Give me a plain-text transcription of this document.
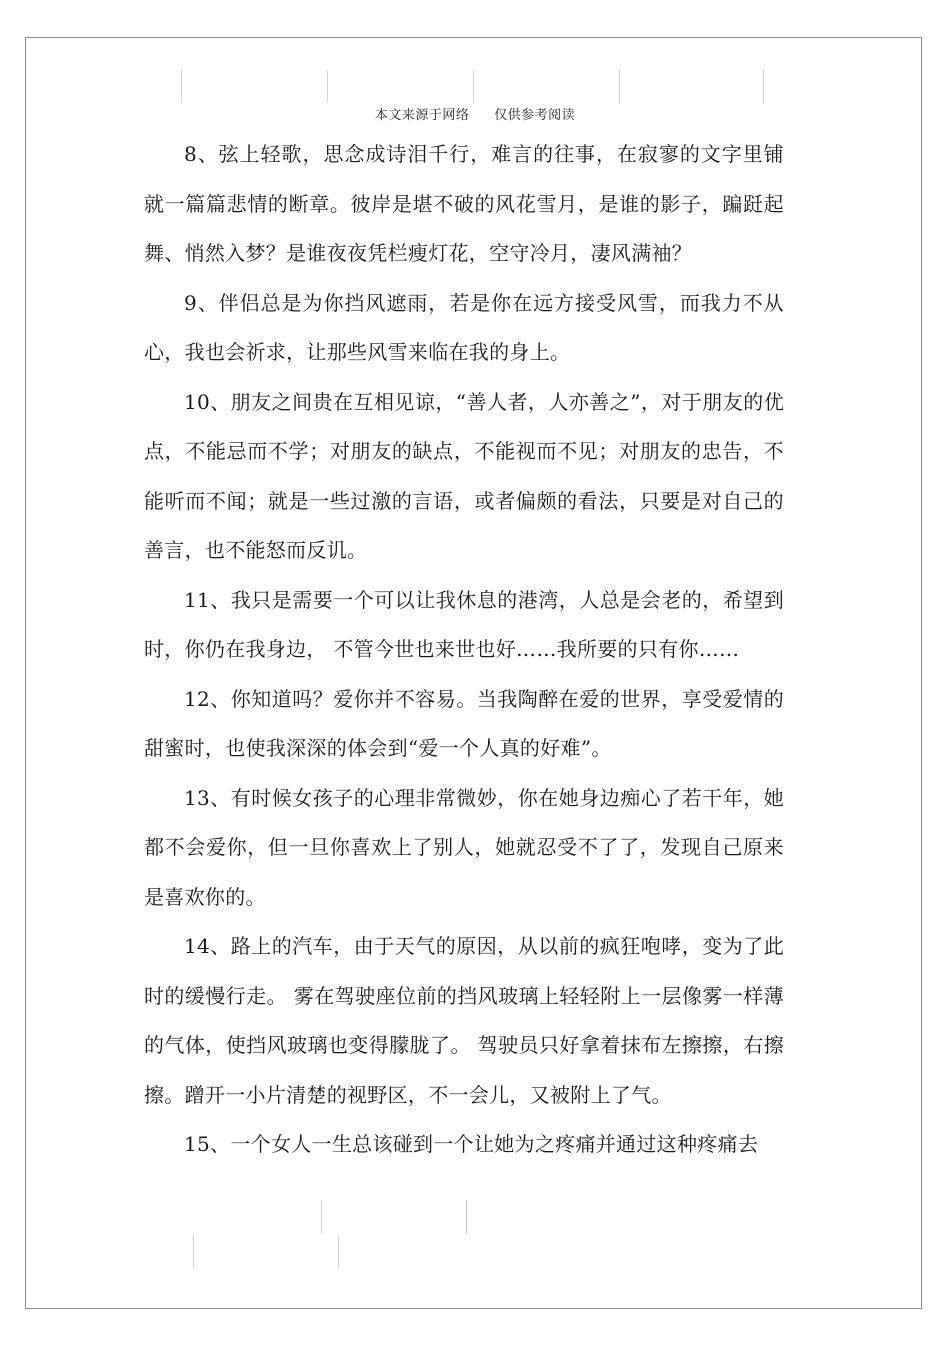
本文来源于网络 仅供参考阅读

8、弦上轻歌，思念成诗泪千行，难言的往事，在寂寥的文字里铺就一篇篇悲情的断章。彼岸是堪不破的风花雪月，是谁的影子，蹁跹起舞、悄然入梦？是谁夜夜凭栏瘦灯花，空守冷月，凄风满袖？

9、伴侣总是为你挡风遮雨，若是你在远方接受风雪，而我力不从心，我也会祈求，让那些风雪来临在我的身上。

10、朋友之间贵在互相见谅，“善人者，人亦善之”，对于朋友的优点，不能忌而不学；对朋友的缺点，不能视而不见；对朋友的忠告，不能听而不闻；就是一些过激的言语，或者偏颇的看法，只要是对自己的善言，也不能怒而反讥。

11、我只是需要一个可以让我休息的港湾，人总是会老的，希望到时，你仍在我身边， 不管今世也来世也好……我所要的只有你……

12、你知道吗？爱你并不容易。当我陶醉在爱的世界，享受爱情的甜蜜时，也使我深深的体会到“爱一个人真的好难”。

13、有时候女孩子的心理非常微妙，你在她身边痴心了若干年，她都不会爱你，但一旦你喜欢上了别人，她就忍受不了了，发现自己原来是喜欢你的。

14、路上的汽车，由于天气的原因，从以前的疯狂咆哮，变为了此时的缓慢行走。 雾在驾驶座位前的挡风玻璃上轻轻附上一层像雾一样薄的气体，使挡风玻璃也变得朦胧了。 驾驶员只好拿着抹布左擦擦，右擦擦。蹭开一小片清楚的视野区，不一会儿，又被附上了气。

15、一个女人一生总该碰到一个让她为之疼痛并通过这种疼痛去
